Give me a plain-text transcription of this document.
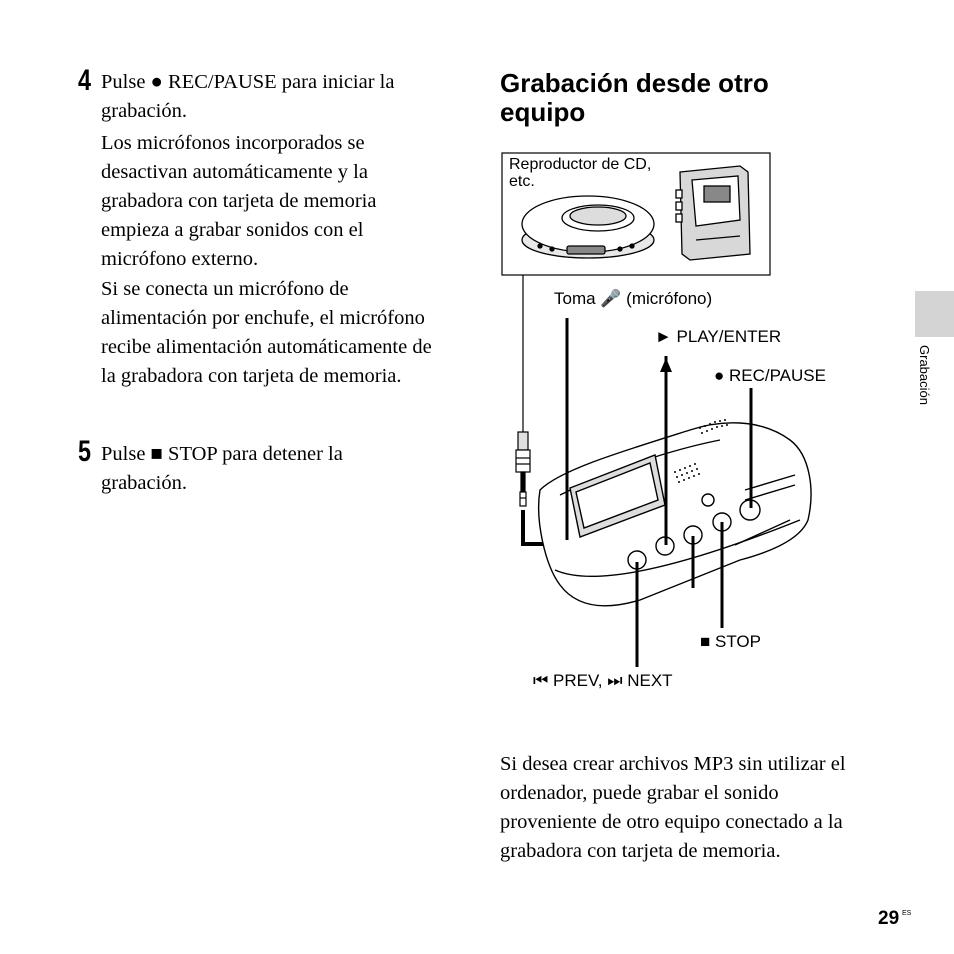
4 Pulse ● REC/PAUSE para iniciar la grabación.

Los micrófonos incorporados se desactivan automáticamente y la grabadora con tarjeta de memoria empieza a grabar sonidos con el micrófono externo.

Si se conecta un micrófono de alimentación por enchufe, el micrófono recibe alimentación automáticamente de la grabadora con tarjeta de memoria.

5 Pulse ■ STOP para detener la grabación.

Grabación desde otro equipo

Si desea crear archivos MP3 sin utilizar el ordenador, puede grabar el sonido proveniente de otro equipo conectado a la grabadora con tarjeta de memoria.

Grabación
29 ES
Reproductor de CD, etc.
Toma 🎤 (micrófono)
► PLAY/ENTER
● REC/PAUSE
■ STOP
⏮ PREV, ⏭ NEXT
